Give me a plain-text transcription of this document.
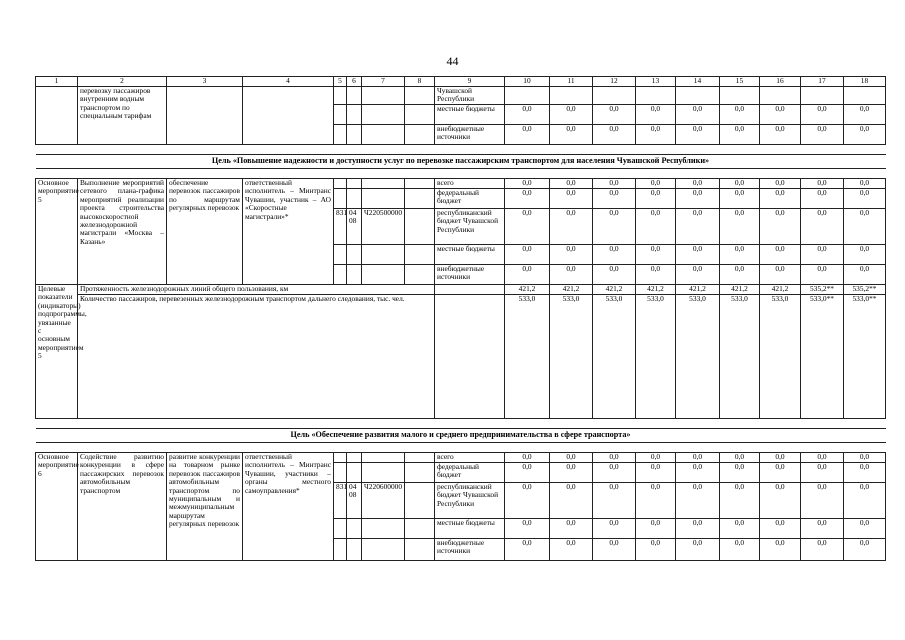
44
1	2	3	4	5	6	7	8	9	10	11	12	13	14	15	16	17	18
	перевозку пассажиров внутренним водным транспортом по специальным тарифам							Чувашской Республики									
								местные бюджеты	0,0	0,0	0,0	0,0	0,0	0,0	0,0	0,0	0,0
								внебюджетные источники	0,0	0,0	0,0	0,0	0,0	0,0	0,0	0,0	0,0

Цель «Повышение надежности и доступности услуг по перевозке пассажирским транспортом для населения Чувашской Республики»																	

Основное мероприятие 5	Выполнение мероприятий сетевого плана-графика мероприятий реализации проекта строительства высокоскоростной железнодорожной магистрали «Москва – Казань»	обеспечение перевозок пассажиров по маршрутам регулярных перевозок	ответственный исполнитель – Минтранс Чувашии, участник – АО «Скоростные магистрали»*					всего	0,0	0,0	0,0	0,0	0,0	0,0	0,0	0,0	0,0
								федеральный бюджет	0,0	0,0	0,0	0,0	0,0	0,0	0,0	0,0	0,0
				831	04 08	Ч220500000		республиканский бюджет Чувашской Республики	0,0	0,0	0,0	0,0	0,0	0,0	0,0	0,0	0,0
								местные бюджеты	0,0	0,0	0,0	0,0	0,0	0,0	0,0	0,0	0,0
								внебюджетные источники	0,0	0,0	0,0	0,0	0,0	0,0	0,0	0,0	0,0
Целевые показатели (индикаторы) подпрограммы, увязанные с основным мероприятием 5	Протяженность железнодорожных линий общего пользования, км								421,2	421,2	421,2	421,2	421,2	421,2	421,2	535,2**	535,2**
	Количество пассажиров, перевезенных железнодорожным транспортом дальнего следования, тыс. чел.								533,0	533,0	533,0	533,0	533,0	533,0	533,0	533,0**	533,0**

Цель «Обеспечение развития малого и среднего предпринимательства в сфере транспорта»																	

Основное мероприятие 6	Содействие развитию конкуренции в сфере пассажирских перевозок автомобильным транспортом	развитие конкуренции на товарном рынке перевозок пассажиров автомобильным транспортом по муниципальным и межмуниципальным маршрутам регулярных перевозок	ответственный исполнитель – Минтранс Чувашии, участники – органы местного самоуправления*					всего	0,0	0,0	0,0	0,0	0,0	0,0	0,0	0,0	0,0
								федеральный бюджет	0,0	0,0	0,0	0,0	0,0	0,0	0,0	0,0	0,0
				831	04 08	Ч220600000		республиканский бюджет Чувашской Республики	0,0	0,0	0,0	0,0	0,0	0,0	0,0	0,0	0,0
								местные бюджеты	0,0	0,0	0,0	0,0	0,0	0,0	0,0	0,0	0,0
								внебюджетные источники	0,0	0,0	0,0	0,0	0,0	0,0	0,0	0,0	0,0
